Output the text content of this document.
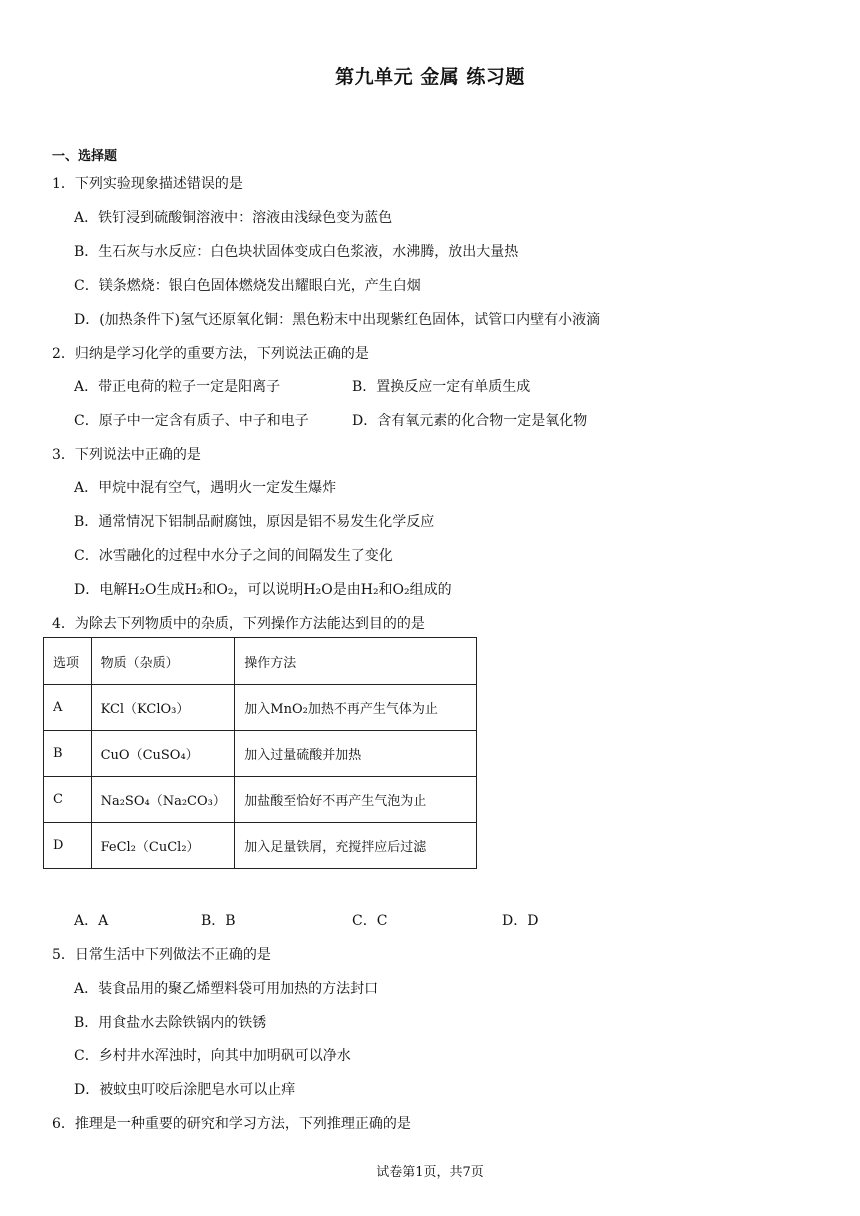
第九单元 金属 练习题
一、选择题
1．下列实验现象描述错误的是
A．铁钉浸到硫酸铜溶液中：溶液由浅绿色变为蓝色
B．生石灰与水反应：白色块状固体变成白色浆液，水沸腾，放出大量热
C．镁条燃烧：银白色固体燃烧发出耀眼白光，产生白烟
D．(加热条件下)氢气还原氧化铜：黑色粉末中出现紫红色固体，试管口内壁有小液滴
2．归纳是学习化学的重要方法，下列说法正确的是
A．带正电荷的粒子一定是阳离子	B．置换反应一定有单质生成
C．原子中一定含有质子、中子和电子	D．含有氧元素的化合物一定是氧化物
3．下列说法中正确的是
A．甲烷中混有空气，遇明火一定发生爆炸
B．通常情况下铝制品耐腐蚀，原因是铝不易发生化学反应
C．冰雪融化的过程中水分子之间的间隔发生了变化
D．电解H₂O生成H₂和O₂，可以说明H₂O是由H₂和O₂组成的
4．为除去下列物质中的杂质，下列操作方法能达到目的的是
选项	物质（杂质）	操作方法
A	KCl（KClO₃）	加入MnO₂加热不再产生气体为止
B	CuO（CuSO₄）	加入过量硫酸并加热
C	Na₂SO₄（Na₂CO₃）	加盐酸至恰好不再产生气泡为止
D	FeCl₂（CuCl₂）	加入足量铁屑，充搅拌应后过滤
A．A	B．B	C．C	D．D
5．日常生活中下列做法不正确的是
A．装食品用的聚乙烯塑料袋可用加热的方法封口
B．用食盐水去除铁锅内的铁锈
C．乡村井水浑浊时，向其中加明矾可以净水
D．被蚊虫叮咬后涂肥皂水可以止痒
6．推理是一种重要的研究和学习方法，下列推理正确的是
试卷第1页，共7页
